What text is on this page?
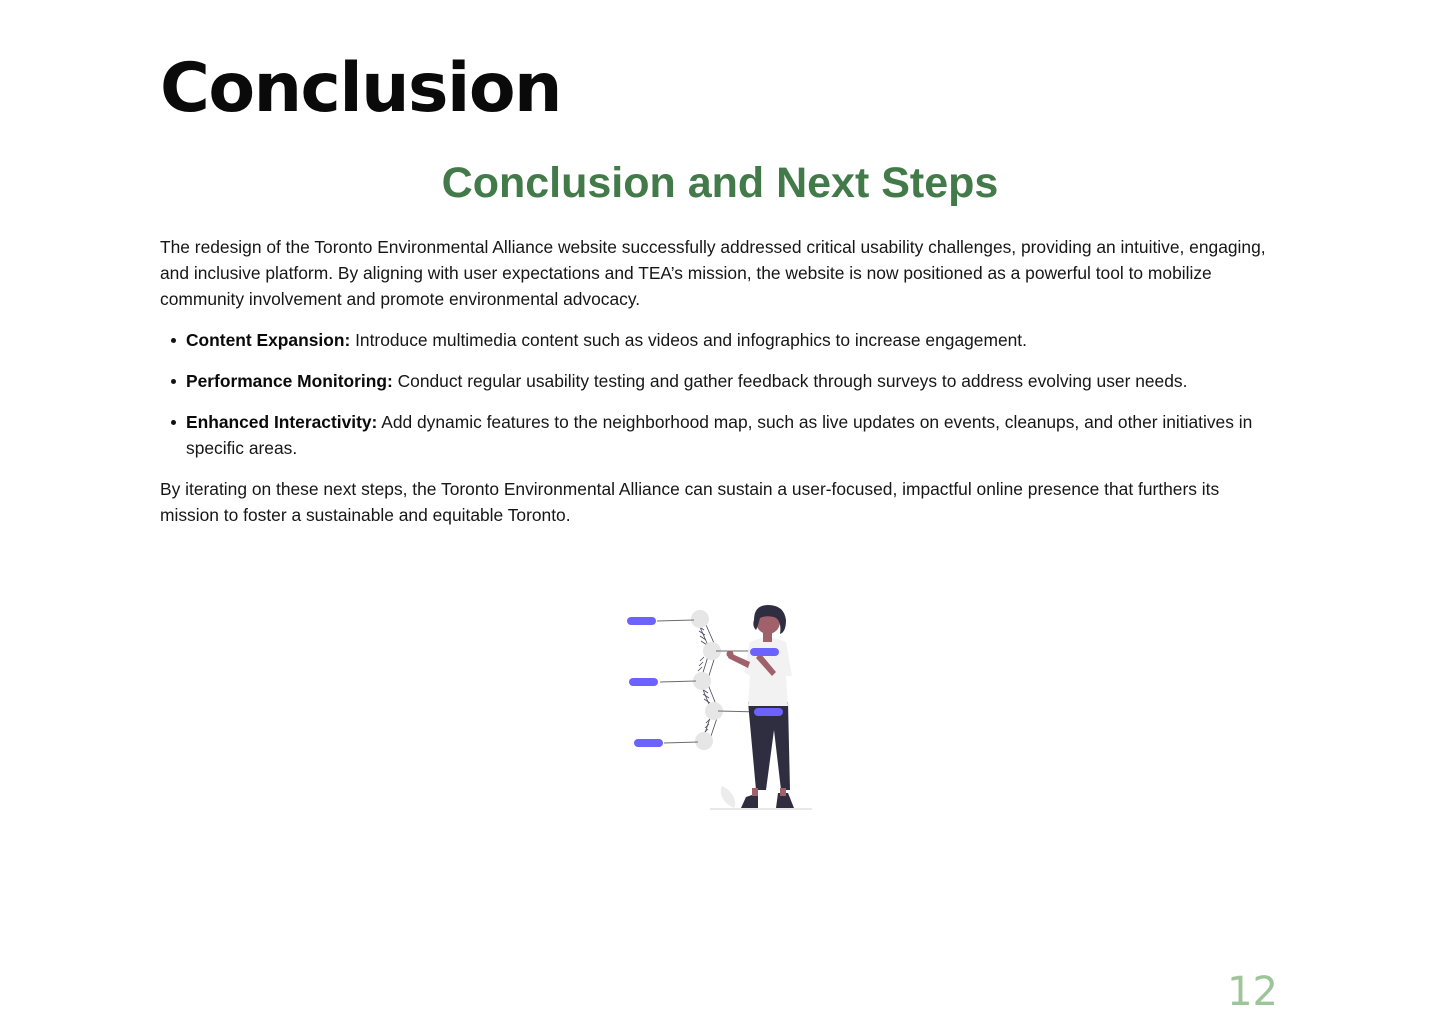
Conclusion
Conclusion and Next Steps

The redesign of the Toronto Environmental Alliance website successfully addressed critical usability challenges, providing an intuitive, engaging, and inclusive platform. By aligning with user expectations and TEA’s mission, the website is now positioned as a powerful tool to mobilize community involvement and promote environmental advocacy.

Content Expansion: Introduce multimedia content such as videos and infographics to increase engagement.
Performance Monitoring: Conduct regular usability testing and gather feedback through surveys to address evolving user needs.
Enhanced Interactivity: Add dynamic features to the neighborhood map, such as live updates on events, cleanups, and other initiatives in specific areas.

By iterating on these next steps, the Toronto Environmental Alliance can sustain a user-focused, impactful online presence that furthers its mission to foster a sustainable and equitable Toronto.

12
